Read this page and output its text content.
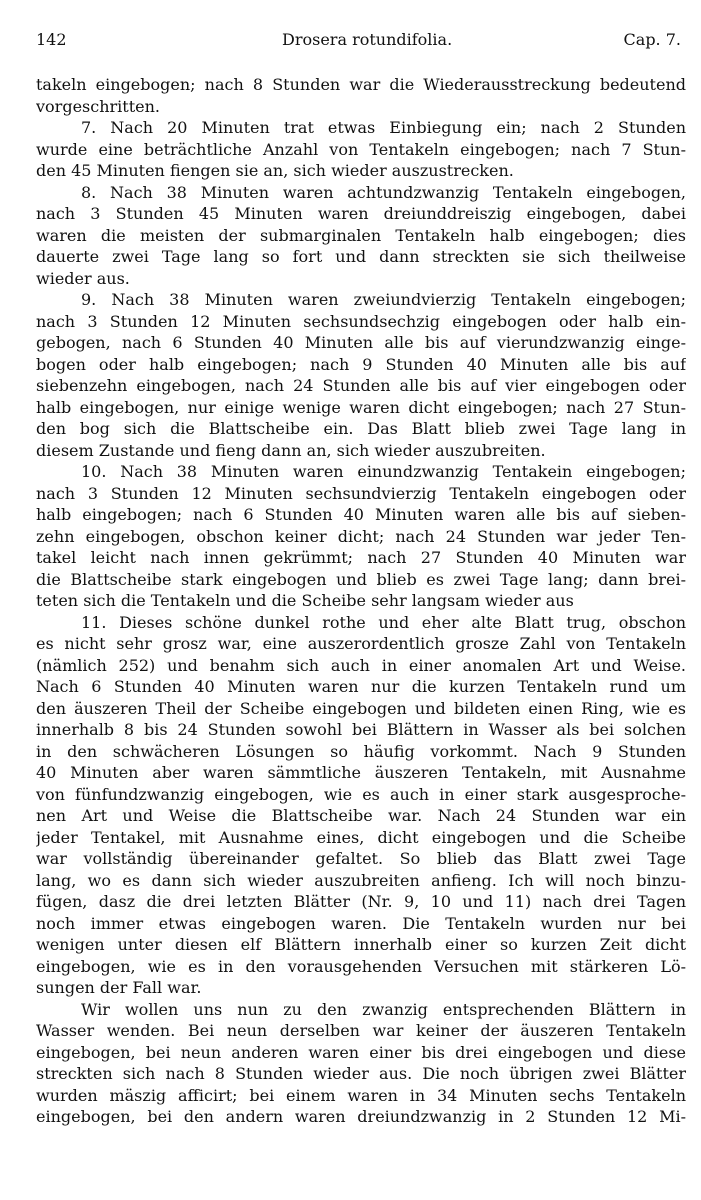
142	Drosera rotundifolia.	Cap. 7.
takeln eingebogen; nach 8 Stunden war die Wiederausstreckung bedeutend
vorgeschritten.
7. Nach 20 Minuten trat etwas Einbiegung ein; nach 2 Stunden
wurde eine beträchtliche Anzahl von Tentakeln eingebogen; nach 7 Stun-
den 45 Minuten fiengen sie an, sich wieder auszustrecken.
8. Nach 38 Minuten waren achtundzwanzig Tentakeln eingebogen,
nach 3 Stunden 45 Minuten waren dreiunddreiszig eingebogen, dabei
waren die meisten der submarginalen Tentakeln halb eingebogen; dies
dauerte zwei Tage lang so fort und dann streckten sie sich theilweise
wieder aus.
9. Nach 38 Minuten waren zweiundvierzig Tentakeln eingebogen;
nach 3 Stunden 12 Minuten sechsundsechzig eingebogen oder halb ein-
gebogen, nach 6 Stunden 40 Minuten alle bis auf vierundzwanzig einge-
bogen oder halb eingebogen; nach 9 Stunden 40 Minuten alle bis auf
siebenzehn eingebogen, nach 24 Stunden alle bis auf vier eingebogen oder
halb eingebogen, nur einige wenige waren dicht eingebogen; nach 27 Stun-
den bog sich die Blattscheibe ein. Das Blatt blieb zwei Tage lang in
diesem Zustande und fieng dann an, sich wieder auszubreiten.
10. Nach 38 Minuten waren einundzwanzig Tentakein eingebogen;
nach 3 Stunden 12 Minuten sechsundvierzig Tentakeln eingebogen oder
halb eingebogen; nach 6 Stunden 40 Minuten waren alle bis auf sieben-
zehn eingebogen, obschon keiner dicht; nach 24 Stunden war jeder Ten-
takel leicht nach innen gekrümmt; nach 27 Stunden 40 Minuten war
die Blattscheibe stark eingebogen und blieb es zwei Tage lang; dann brei-
teten sich die Tentakeln und die Scheibe sehr langsam wieder aus
11. Dieses schöne dunkel rothe und eher alte Blatt trug, obschon
es nicht sehr grosz war, eine auszerordentlich grosze Zahl von Tentakeln
(nämlich 252) und benahm sich auch in einer anomalen Art und Weise.
Nach 6 Stunden 40 Minuten waren nur die kurzen Tentakeln rund um
den äuszeren Theil der Scheibe eingebogen und bildeten einen Ring, wie es
innerhalb 8 bis 24 Stunden sowohl bei Blättern in Wasser als bei solchen
in den schwächeren Lösungen so häufig vorkommt. Nach 9 Stunden
40 Minuten aber waren sämmtliche äuszeren Tentakeln, mit Ausnahme
von fünfundzwanzig eingebogen, wie es auch in einer stark ausgesproche-
nen Art und Weise die Blattscheibe war. Nach 24 Stunden war ein
jeder Tentakel, mit Ausnahme eines, dicht eingebogen und die Scheibe
war vollständig übereinander gefaltet. So blieb das Blatt zwei Tage
lang, wo es dann sich wieder auszubreiten anfieng. Ich will noch binzu-
fügen, dasz die drei letzten Blätter (Nr. 9, 10 und 11) nach drei Tagen
noch immer etwas eingebogen waren. Die Tentakeln wurden nur bei
wenigen unter diesen elf Blättern innerhalb einer so kurzen Zeit dicht
eingebogen, wie es in den vorausgehenden Versuchen mit stärkeren Lö-
sungen der Fall war.
Wir wollen uns nun zu den zwanzig entsprechenden Blättern in
Wasser wenden. Bei neun derselben war keiner der äuszeren Tentakeln
eingebogen, bei neun anderen waren einer bis drei eingebogen und diese
streckten sich nach 8 Stunden wieder aus. Die noch übrigen zwei Blätter
wurden mäszig afficirt; bei einem waren in 34 Minuten sechs Tentakeln
eingebogen, bei den andern waren dreiundzwanzig in 2 Stunden 12 Mi-
